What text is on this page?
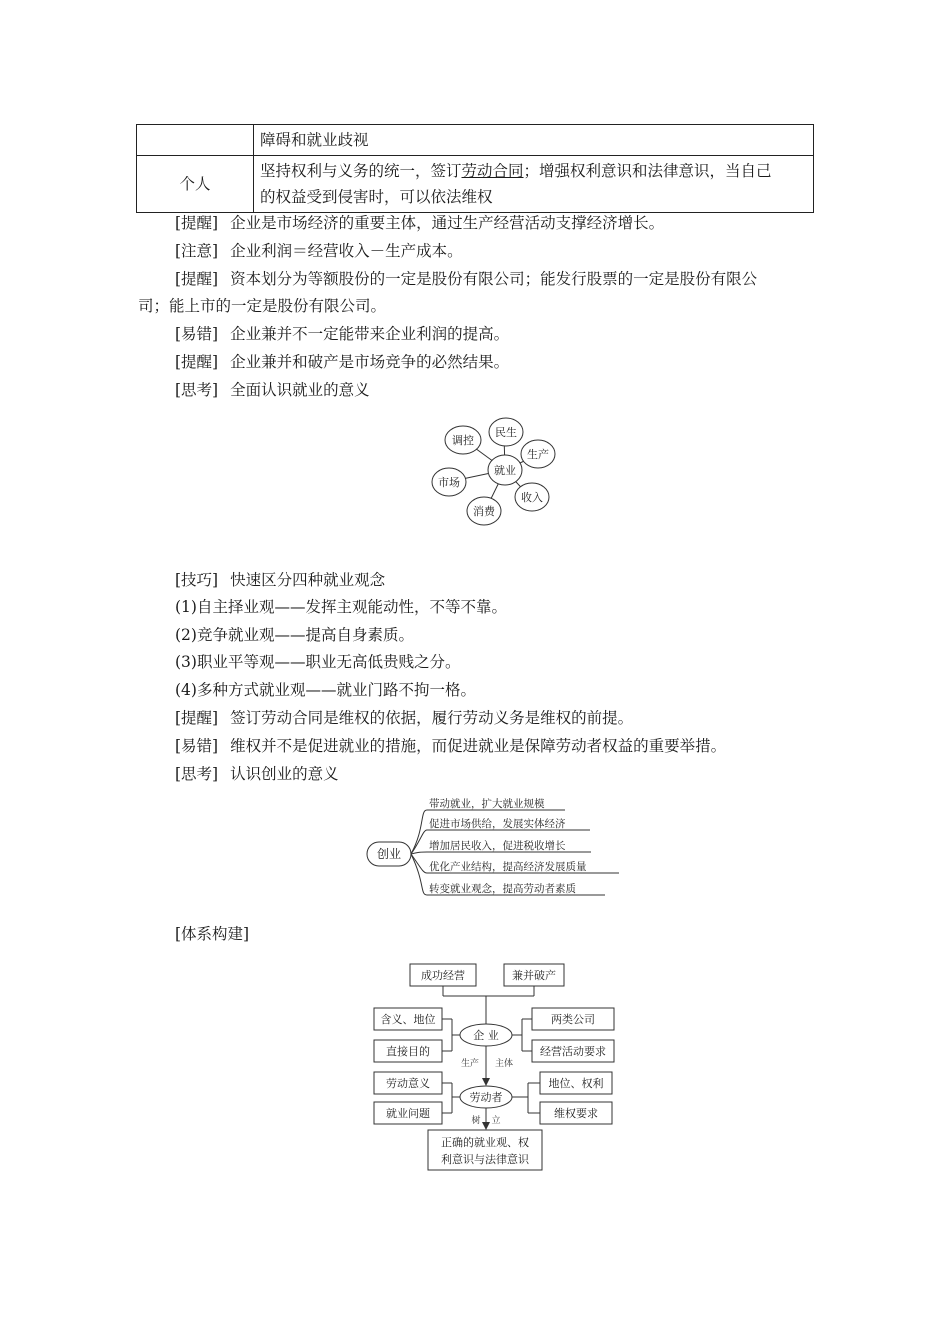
	障碍和就业歧视
个人	坚持权利与义务的统一，签订劳动合同；增强权利意识和法律意识，当自己
的权益受到侵害时，可以依法维权
[提醒] 企业是市场经济的重要主体，通过生产经营活动支撑经济增长。
[注意] 企业利润＝经营收入－生产成本。
[提醒] 资本划分为等额股份的一定是股份有限公司；能发行股票的一定是股份有限公
司；能上市的一定是股份有限公司。
[易错] 企业兼并不一定能带来企业利润的提高。
[提醒] 企业兼并和破产是市场竞争的必然结果。
[思考] 全面认识就业的意义
就业
调控
民生
生产
收入
消费
市场
[技巧] 快速区分四种就业观念
(1)自主择业观——发挥主观能动性，不等不靠。
(2)竞争就业观——提高自身素质。
(3)职业平等观——职业无高低贵贱之分。
(4)多种方式就业观——就业门路不拘一格。
[提醒] 签订劳动合同是维权的依据，履行劳动义务是维权的前提。
[易错] 维权并不是促进就业的措施，而促进就业是保障劳动者权益的重要举措。
[思考] 认识创业的意义
创业
带动就业，扩大就业规模
促进市场供给，发展实体经济
增加居民收入，促进税收增长
优化产业结构，提高经济发展质量
转变就业观念，提高劳动者素质
[体系构建]
成功经营	兼并破产
含义、地位
直接目的
劳动意义
就业问题
两类公司
经营活动要求
地位、权利
维权要求
企 业
劳动者
生产 主体
树 立
正确的就业观、权
利意识与法律意识
